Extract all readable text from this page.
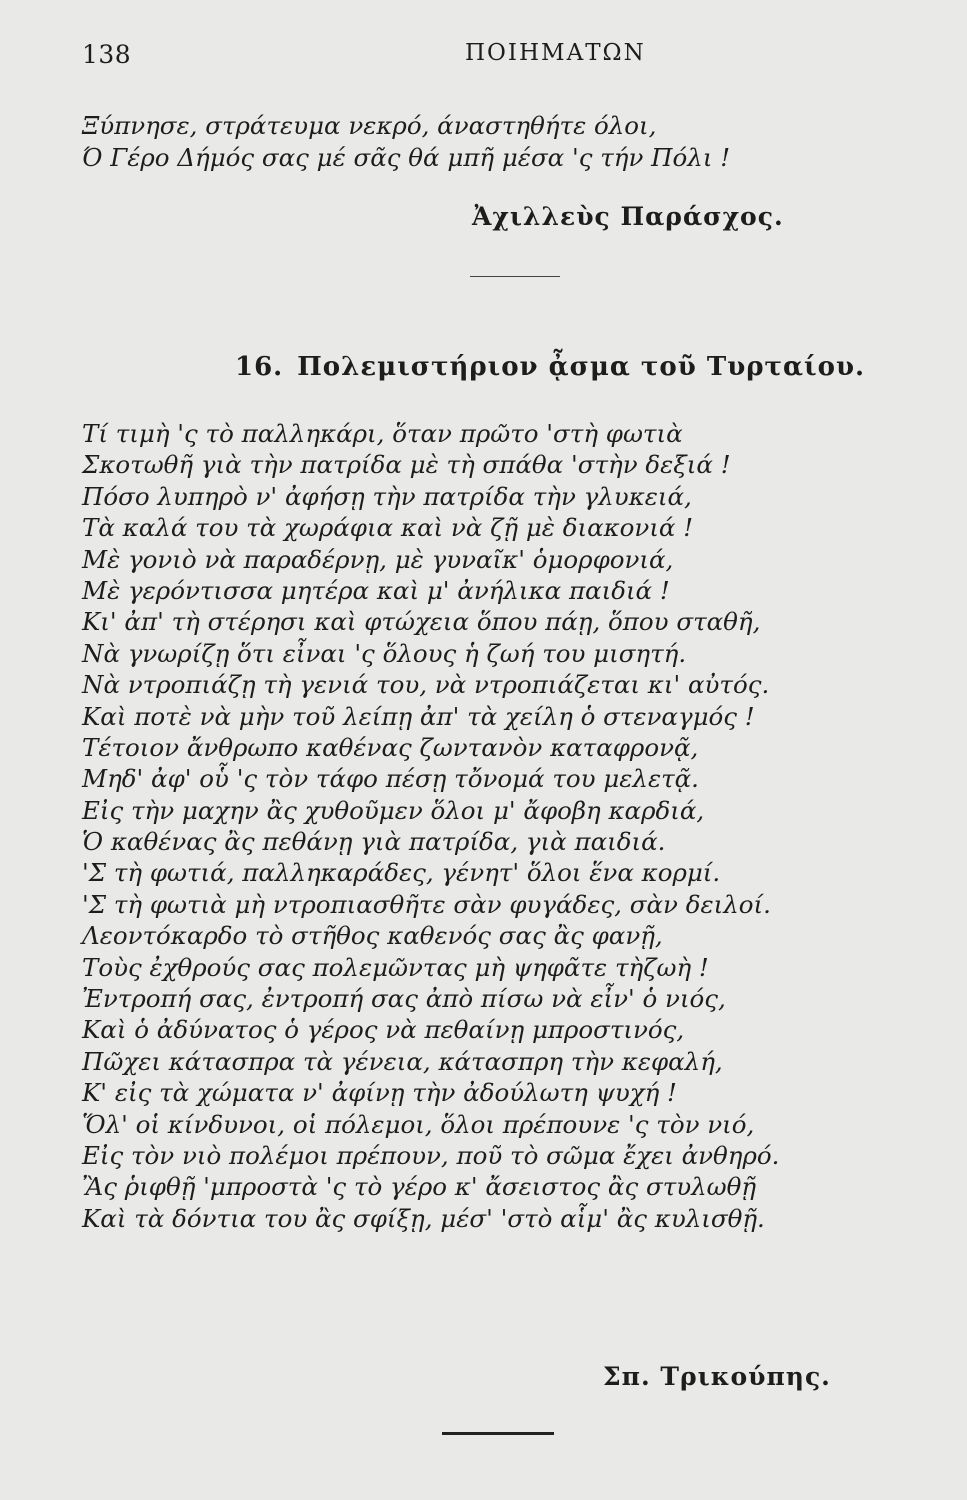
138	ΠΟΙΗΜΑΤΩΝ
Ξύπνησε, στράτευμα νεκρό, άναστηθήτε όλοι,
Ό Γέρο Δήμός σας μέ σᾶς θά μπῆ μέσα 'ς τήν Πόλι !
Ἀχιλλεὺς Παράσχος.
16. Πολεμιστήριον ᾆσμα τοῦ Τυρταίου.
Τί τιμὴ 'ς τὸ παλληκάρι, ὅταν πρῶτο 'στὴ φωτιὰ
Σκοτωθῆ γιὰ τὴν πατρίδα μὲ τὴ σπάθα 'στὴν δεξιά !
Πόσο λυπηρὸ ν' ἀφήσῃ τὴν πατρίδα τὴν γλυκειά,
Τὰ καλά του τὰ χωράφια καὶ νὰ ζῇ μὲ διακονιά !
Μὲ γονιὸ νὰ παραδέρνῃ, μὲ γυναῖκ' ὁμορφονιά,
Μὲ γερόντισσα μητέρα καὶ μ' ἀνήλικα παιδιά !
Κι' ἀπ' τὴ στέρησι καὶ φτώχεια ὅπου πάῃ, ὅπου σταθῆ,
Νὰ γνωρίζῃ ὅτι εἶναι 'ς ὅλους ἡ ζωή του μισητή.
Νὰ ντροπιάζῃ τὴ γενιά του, νὰ ντροπιάζεται κι' αὐτός.
Καὶ ποτὲ νὰ μὴν τοῦ λείπῃ ἀπ' τὰ χείλη ὁ στεναγμός !
Τέτοιον ἄνθρωπο καθένας ζωντανὸν καταφρονᾷ,
Μηδ' ἀφ' οὗ 'ς τὸν τάφο πέσῃ τὄνομά του μελετᾷ.
Εἰς τὴν μαχην ἂς χυθοῦμεν ὅλοι μ' ἄφοβη καρδιά,
Ὁ καθένας ἂς πεθάνῃ γιὰ πατρίδα, γιὰ παιδιά.
'Σ τὴ φωτιά, παλληκαράδες, γένητ' ὅλοι ἕνα κορμί.
'Σ τὴ φωτιὰ μὴ ντροπιασθῆτε σὰν φυγάδες, σὰν δειλοί.
Λεοντόκαρδο τὸ στῆθος καθενός σας ἂς φανῇ,
Τοὺς ἐχθρούς σας πολεμῶντας μὴ ψηφᾶτε τὴζωὴ !
Ἐντροπή σας, ἐντροπή σας ἀπὸ πίσω νὰ εἶν' ὁ νιός,
Καὶ ὁ ἀδύνατος ὁ γέρος νὰ πεθαίνῃ μπροστινός,
Πῶχει κάτασπρα τὰ γένεια, κάτασπρη τὴν κεφαλή,
Κ' εἰς τὰ χώματα ν' ἀφίνῃ τὴν ἀδούλωτη ψυχή !
Ὅλ' οἱ κίνδυνοι, οἱ πόλεμοι, ὅλοι πρέπουνε 'ς τὸν νιό,
Εἰς τὸν νιὸ πολέμοι πρέπουν, ποῦ τὸ σῶμα ἔχει ἀνθηρό.
Ἂς ῥιφθῇ 'μπροστὰ 'ς τὸ γέρο κ' ἄσειστος ἂς στυλωθῇ
Καὶ τὰ δόντια του ἂς σφίξῃ, μέσ' 'στὸ αἷμ' ἂς κυλισθῇ.
Σπ. Τρικούπης.
